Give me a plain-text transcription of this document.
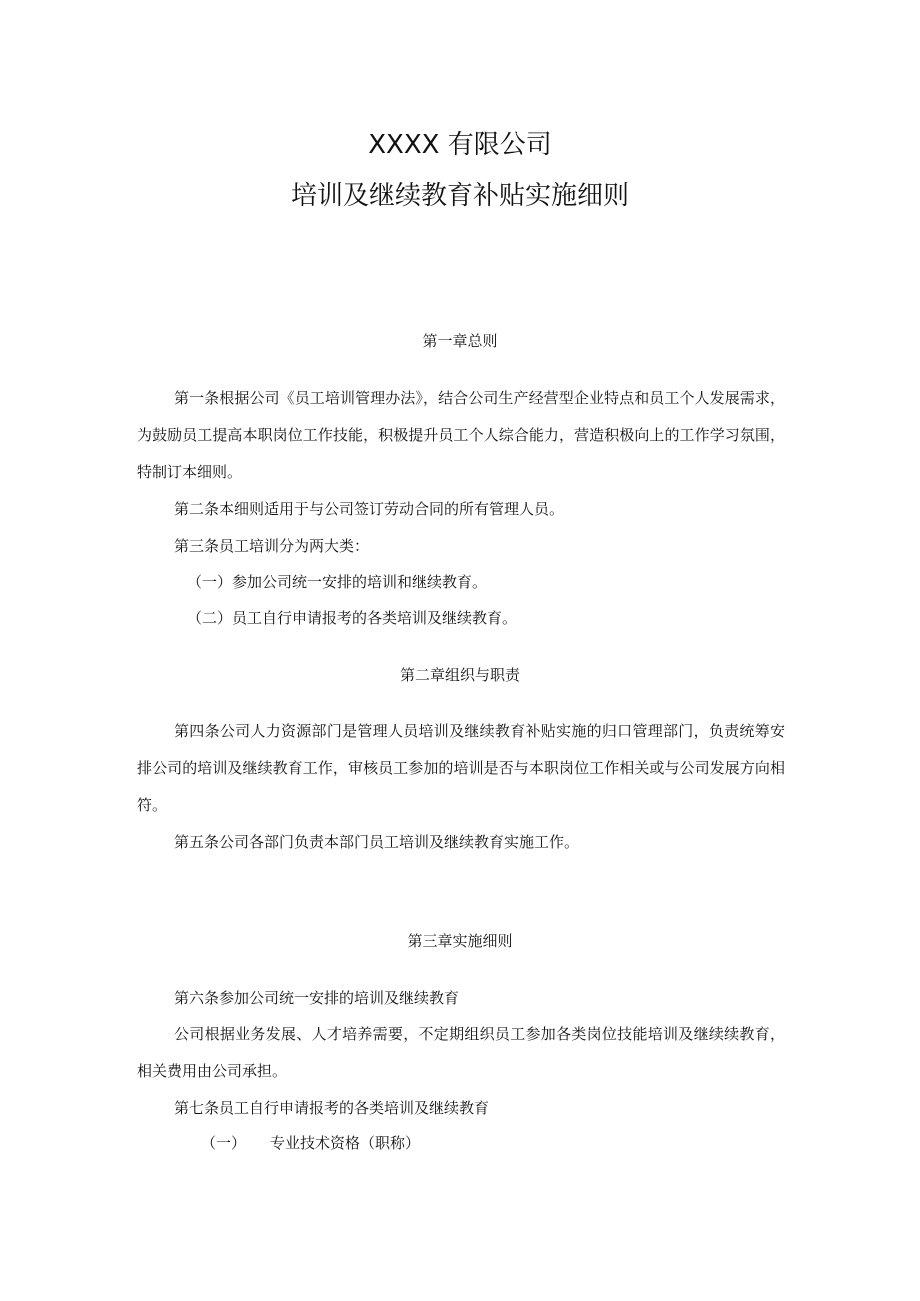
XXXX 有限公司
培训及继续教育补贴实施细则
第一章总则

第一条根据公司《员工培训管理办法》，结合公司生产经营型企业特点和员工个人发展需求，为鼓励员工提高本职岗位工作技能，积极提升员工个人综合能力，营造积极向上的工作学习氛围，特制订本细则。

第二条本细则适用于与公司签订劳动合同的所有管理人员。

第三条员工培训分为两大类：

（一）参加公司统一安排的培训和继续教育。
（二）员工自行申请报考的各类培训及继续教育。
第二章组织与职责

第四条公司人力资源部门是管理人员培训及继续教育补贴实施的归口管理部门，负责统筹安排公司的培训及继续教育工作，审核员工参加的培训是否与本职岗位工作相关或与公司发展方向相符。

第五条公司各部门负责本部门员工培训及继续教育实施工作。

第三章实施细则

第六条参加公司统一安排的培训及继续教育

公司根据业务发展、人才培养需要，不定期组织员工参加各类岗位技能培训及继续续教育，相关费用由公司承担。

第七条员工自行申请报考的各类培训及继续教育

（一） 专业技术资格（职称）
